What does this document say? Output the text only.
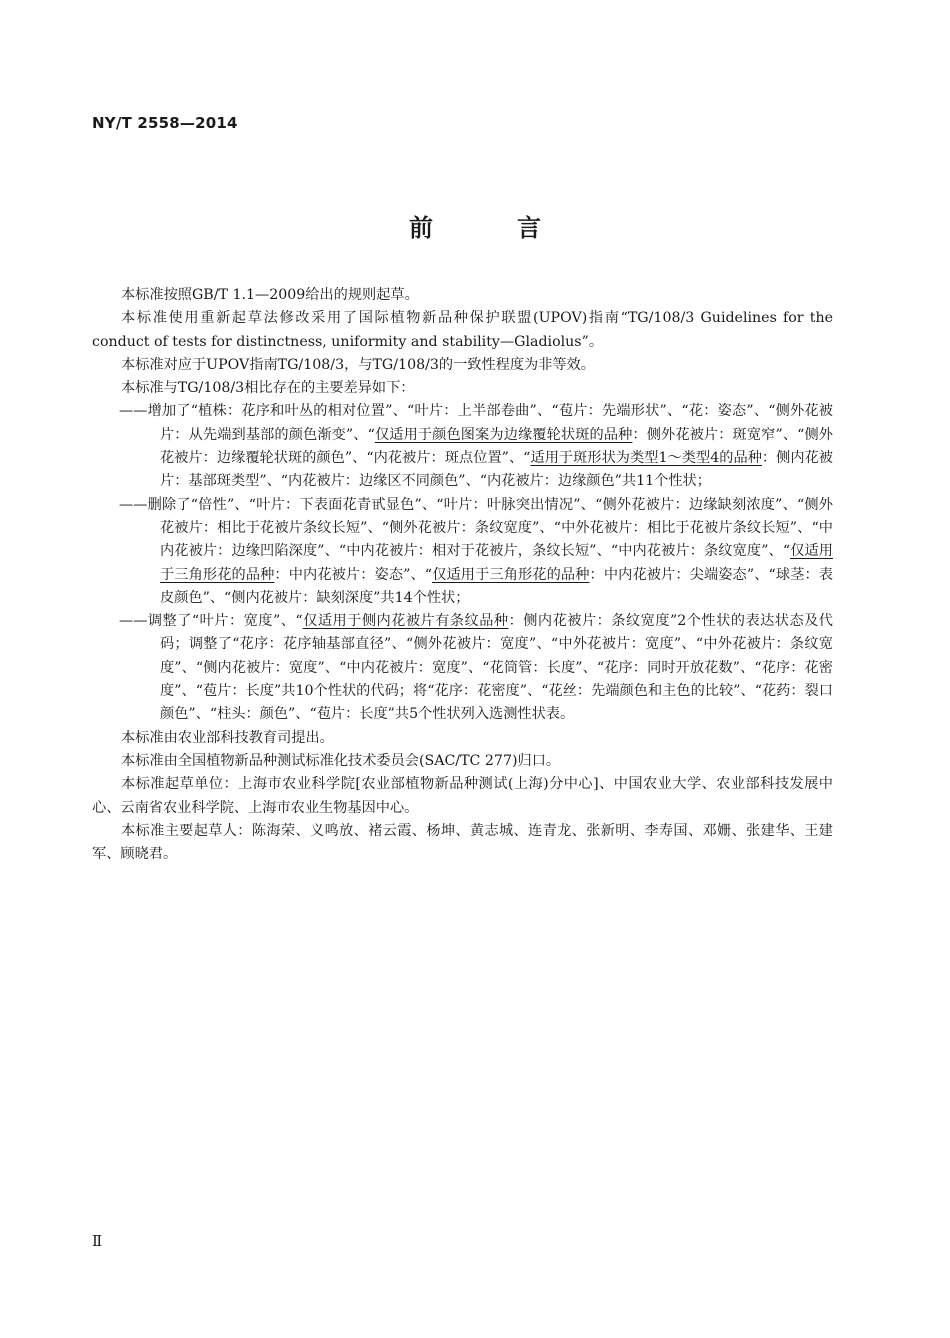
NY/T 2558—2014
前　言

本标准按照GB/T 1.1—2009给出的规则起草。

本标准使用重新起草法修改采用了国际植物新品种保护联盟(UPOV)指南“TG/108/3 Guidelines for the conduct of tests for distinctness, uniformity and stability—Gladiolus”。

本标准对应于UPOV指南TG/108/3，与TG/108/3的一致性程度为非等效。

本标准与TG/108/3相比存在的主要差异如下：

——增加了“植株：花序和叶丛的相对位置”、“叶片：上半部卷曲”、“苞片：先端形状”、“花：姿态”、“侧外花被片：从先端到基部的颜色渐变”、“仅适用于颜色图案为边缘覆轮状斑的品种：侧外花被片：斑宽窄”、“侧外花被片：边缘覆轮状斑的颜色”、“内花被片：斑点位置”、“适用于斑形状为类型1～类型4的品种：侧内花被片：基部斑类型”、“内花被片：边缘区不同颜色”、“内花被片：边缘颜色”共11个性状；

——删除了“倍性”、“叶片：下表面花青甙显色”、“叶片：叶脉突出情况”、“侧外花被片：边缘缺刻浓度”、“侧外花被片：相比于花被片条纹长短”、“侧外花被片：条纹宽度”、“中外花被片：相比于花被片条纹长短”、“中内花被片：边缘凹陷深度”、“中内花被片：相对于花被片，条纹长短”、“中内花被片：条纹宽度”、“仅适用于三角形花的品种：中内花被片：姿态”、“仅适用于三角形花的品种：中内花被片：尖端姿态”、“球茎：表皮颜色”、“侧内花被片：缺刻深度”共14个性状；

——调整了“叶片：宽度”、“仅适用于侧内花被片有条纹品种：侧内花被片：条纹宽度”2个性状的表达状态及代码；调整了“花序：花序轴基部直径”、“侧外花被片：宽度”、“中外花被片：宽度”、“中外花被片：条纹宽度”、“侧内花被片：宽度”、“中内花被片：宽度”、“花筒管：长度”、“花序：同时开放花数”、“花序：花密度”、“苞片：长度”共10个性状的代码；将“花序：花密度”、“花丝：先端颜色和主色的比较”、“花药：裂口颜色”、“柱头：颜色”、“苞片：长度”共5个性状列入选测性状表。

本标准由农业部科技教育司提出。

本标准由全国植物新品种测试标准化技术委员会(SAC/TC 277)归口。

本标准起草单位：上海市农业科学院[农业部植物新品种测试(上海)分中心]、中国农业大学、农业部科技发展中心、云南省农业科学院、上海市农业生物基因中心。

本标准主要起草人：陈海荣、义鸣放、褚云霞、杨坤、黄志城、连青龙、张新明、李寿国、邓姗、张建华、王建军、顾晓君。

Ⅱ
